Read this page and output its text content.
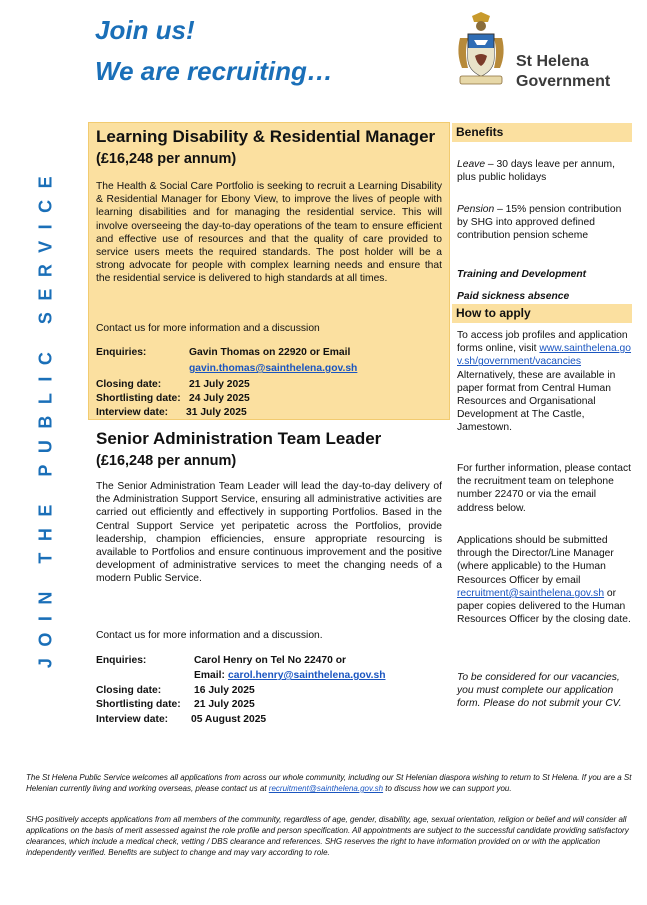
Join us!
We are recruiting…	St Helena
Government
JOIN THE PUBLIC SERVICE
Learning Disability & Residential Manager
(£16,248 per annum)
The Health & Social Care Portfolio is seeking to recruit a Learning Disability & Residential Manager for Ebony View, to improve the lives of people with learning disabilities and for managing the residential service. This will involve overseeing the day-to-day operations of the team to ensure efficient and effective use of resources and that the quality of care provided to service users meets the required standards. The post holder will be a strong advocate for people with complex learning needs and ensure that the residential service is delivered to high standards at all times.
Contact us for more information and a discussion
Enquiries:	Gavin Thomas on 22920 or Email
gavin.thomas@sainthelena.gov.sh
Closing date:	21 July 2025
Shortlisting date: 24 July 2025
Interview date: 31 July 2025
Senior Administration Team Leader
(£16,248 per annum)
The Senior Administration Team Leader will lead the day-to-day delivery of the Administration Support Service, ensuring all administrative activities are carried out efficiently and effectively in supporting Portfolios. Based in the Central Support Service yet peripatetic across the Portfolios, provide leadership, champion efficiencies, ensure appropriate resourcing is available to Portfolios and ensure continuous improvement and the positive development of administrative services to meet the changing needs of a modern Public Service.
Contact us for more information and a discussion.
Enquiries:	Carol Henry on Tel No 22470 or
Email: carol.henry@sainthelena.gov.sh
Closing date:	16 July 2025
Shortlisting date: 21 July 2025
Interview date: 05 August 2025
Benefits
Leave – 30 days leave per annum, plus public holidays
Pension – 15% pension contribution by SHG into approved defined contribution pension scheme
Training and Development
Paid sickness absence
How to apply
To access job profiles and application forms online, visit www.sainthelena.gov.sh/government/vacancies Alternatively, these are available in paper format from Central Human Resources and Organisational Development at The Castle, Jamestown.
For further information, please contact the recruitment team on telephone number 22470 or via the email address below.
Applications should be submitted through the Director/Line Manager (where applicable) to the Human Resources Officer by email recruitment@sainthelena.gov.sh or paper copies delivered to the Human Resources Officer by the closing date.
To be considered for our vacancies, you must complete our application form. Please do not submit your CV.
The St Helena Public Service welcomes all applications from across our whole community, including our St Helenian diaspora wishing to return to St Helena. If you are a St Helenian currently living and working overseas, please contact us at recruitment@sainthelena.gov.sh to discuss how we can support you.
SHG positively accepts applications from all members of the community, regardless of age, gender, disability, age, sexual orientation, religion or belief and will consider all applications on the basis of merit assessed against the role profile and person specification. All appointments are subject to the successful candidate providing satisfactory clearances, which include a medical check, vetting / DBS clearance and references. SHG reserves the right to have information provided on or with the application independently verified. Benefits are subject to change and may vary according to role.
